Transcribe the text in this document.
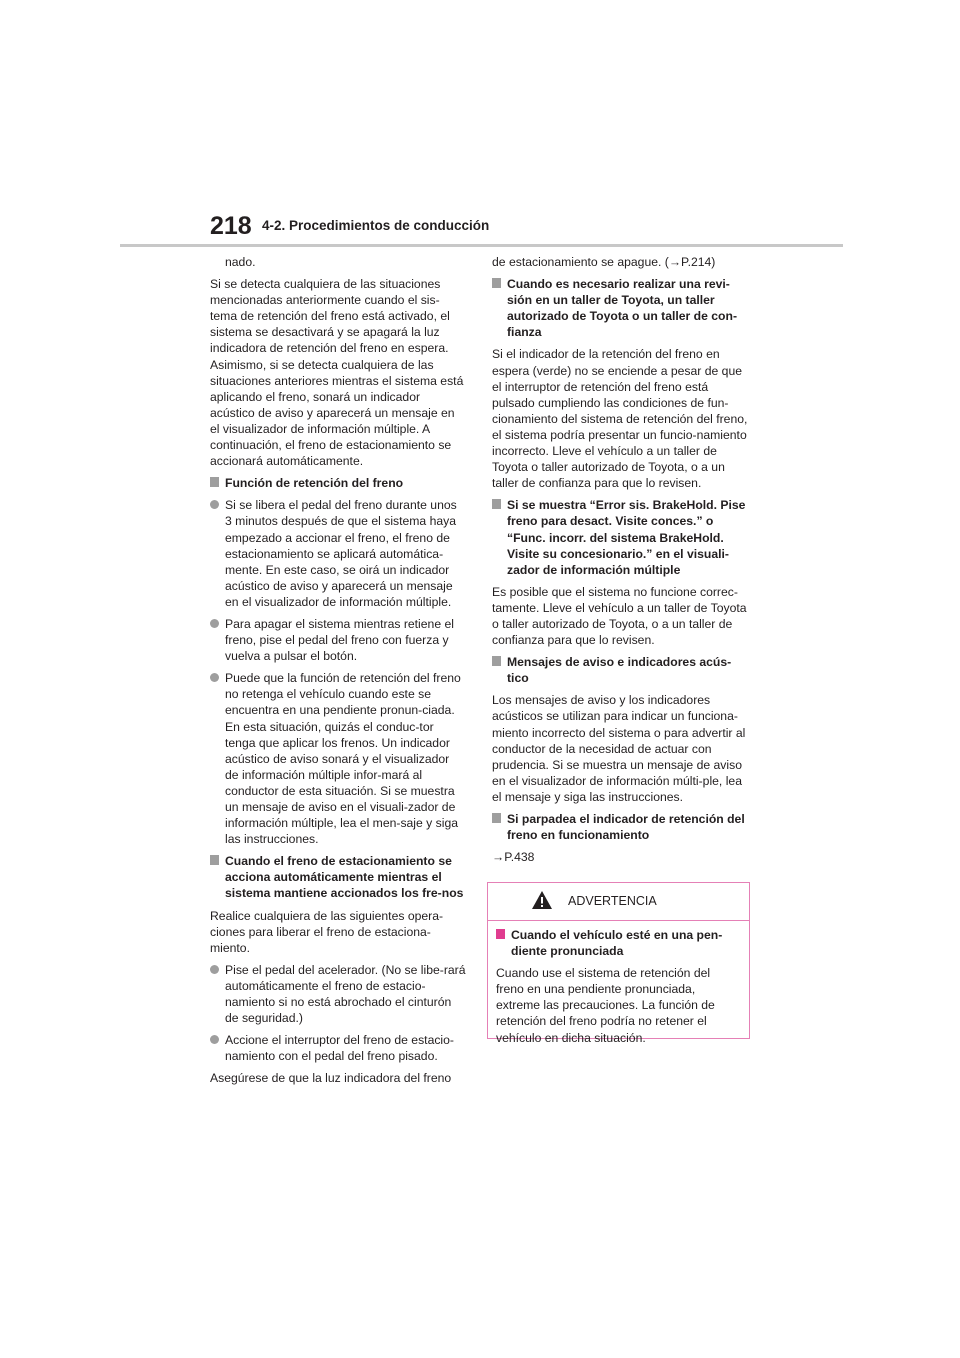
218 4-2. Procedimientos de conducción

nado.

Si se detecta cualquiera de las situaciones mencionadas anteriormente cuando el sis-tema de retención del freno está activado, el sistema se desactivará y se apagará la luz indicadora de retención del freno en espera. Asimismo, si se detecta cualquiera de las situaciones anteriores mientras el sistema está aplicando el freno, sonará un indicador acústico de aviso y aparecerá un mensaje en el visualizador de información múltiple. A continuación, el freno de estacionamiento se accionará automáticamente.

Función de retención del freno
Si se libera el pedal del freno durante unos 3 minutos después de que el sistema haya empezado a accionar el freno, el freno de estacionamiento se aplicará automática-mente. En este caso, se oirá un indicador acústico de aviso y aparecerá un mensaje en el visualizador de información múltiple.
Para apagar el sistema mientras retiene el freno, pise el pedal del freno con fuerza y vuelva a pulsar el botón.
Puede que la función de retención del freno no retenga el vehículo cuando este se encuentra en una pendiente pronun-ciada. En esta situación, quizás el conduc-tor tenga que aplicar los frenos. Un indicador acústico de aviso sonará y el visualizador de información múltiple infor-mará al conductor de esta situación. Si se muestra un mensaje de aviso en el visuali-zador de información múltiple, lea el men-saje y siga las instrucciones.
Cuando el freno de estacionamiento se acciona automáticamente mientras el sistema mantiene accionados los fre-nos

Realice cualquiera de las siguientes opera-ciones para liberar el freno de estaciona-miento.

Pise el pedal del acelerador. (No se libe-rará automáticamente el freno de estacio-namiento si no está abrochado el cinturón de seguridad.)
Accione el interruptor del freno de estacio-namiento con el pedal del freno pisado.

Asegúrese de que la luz indicadora del freno

de estacionamiento se apague. (→P.214)

Cuando es necesario realizar una revi-sión en un taller de Toyota, un taller autorizado de Toyota o un taller de con-fianza

Si el indicador de la retención del freno en espera (verde) no se enciende a pesar de que el interruptor de retención del freno está pulsado cumpliendo las condiciones de fun-cionamiento del sistema de retención del freno, el sistema podría presentar un funcio-namiento incorrecto. Lleve el vehículo a un taller de Toyota o taller autorizado de Toyota, o a un taller de confianza para que lo revisen.

Si se muestra “Error sis. BrakeHold. Pise freno para desact. Visite conces.” o “Func. incorr. del sistema BrakeHold. Visite su concesionario.” en el visuali-zador de información múltiple

Es posible que el sistema no funcione correc-tamente. Lleve el vehículo a un taller de Toyota o taller autorizado de Toyota, o a un taller de confianza para que lo revisen.

Mensajes de aviso e indicadores acús-tico

Los mensajes de aviso y los indicadores acústicos se utilizan para indicar un funciona-miento incorrecto del sistema o para advertir al conductor de la necesidad de actuar con prudencia. Si se muestra un mensaje de aviso en el visualizador de información múlti-ple, lea el mensaje y siga las instrucciones.

Si parpadea el indicador de retención del freno en funcionamiento

→P.438

ADVERTENCIA
Cuando el vehículo esté en una pen-diente pronunciada

Cuando use el sistema de retención del freno en una pendiente pronunciada, extreme las precauciones. La función de retención del freno podría no retener el vehículo en dicha situación.
